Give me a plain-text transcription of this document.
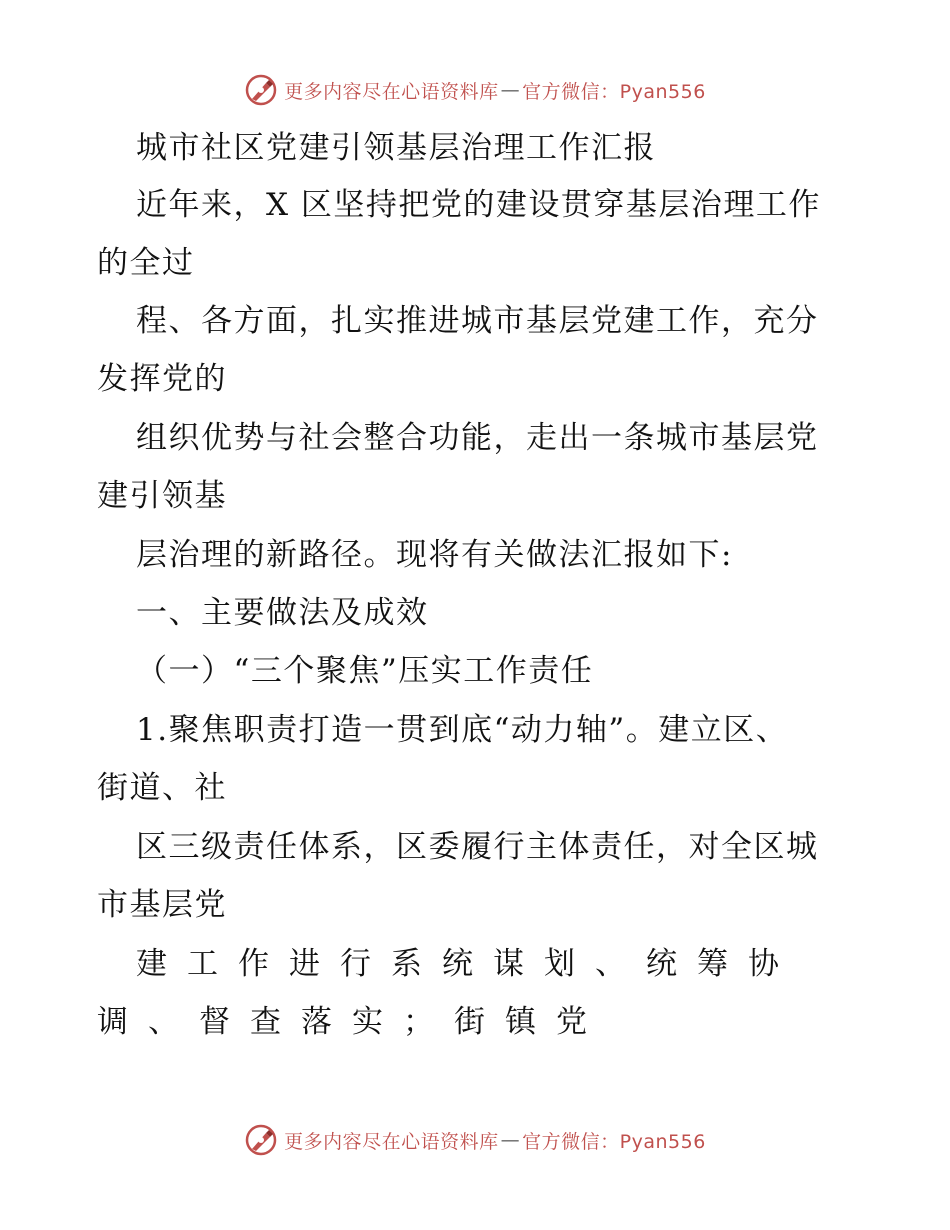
更多内容尽在心语资料库 — 官方微信：Pyan556
城市社区党建引领基层治理工作汇报
近年来，X 区坚持把党的建设贯穿基层治理工作
的全过
程、各方面，扎实推进城市基层党建工作，充分
发挥党的
组织优势与社会整合功能，走出一条城市基层党
建引领基
层治理的新路径。现将有关做法汇报如下:
一、主要做法及成效
（一）“三个聚焦”压实工作责任
1.聚焦职责打造一贯到底“动力轴”。建立区、
街道、社
区三级责任体系，区委履行主体责任，对全区城
市基层党
建工作进行系统谋划、统筹协
调、督查落实；街镇党
更多内容尽在心语资料库 — 官方微信：Pyan556
